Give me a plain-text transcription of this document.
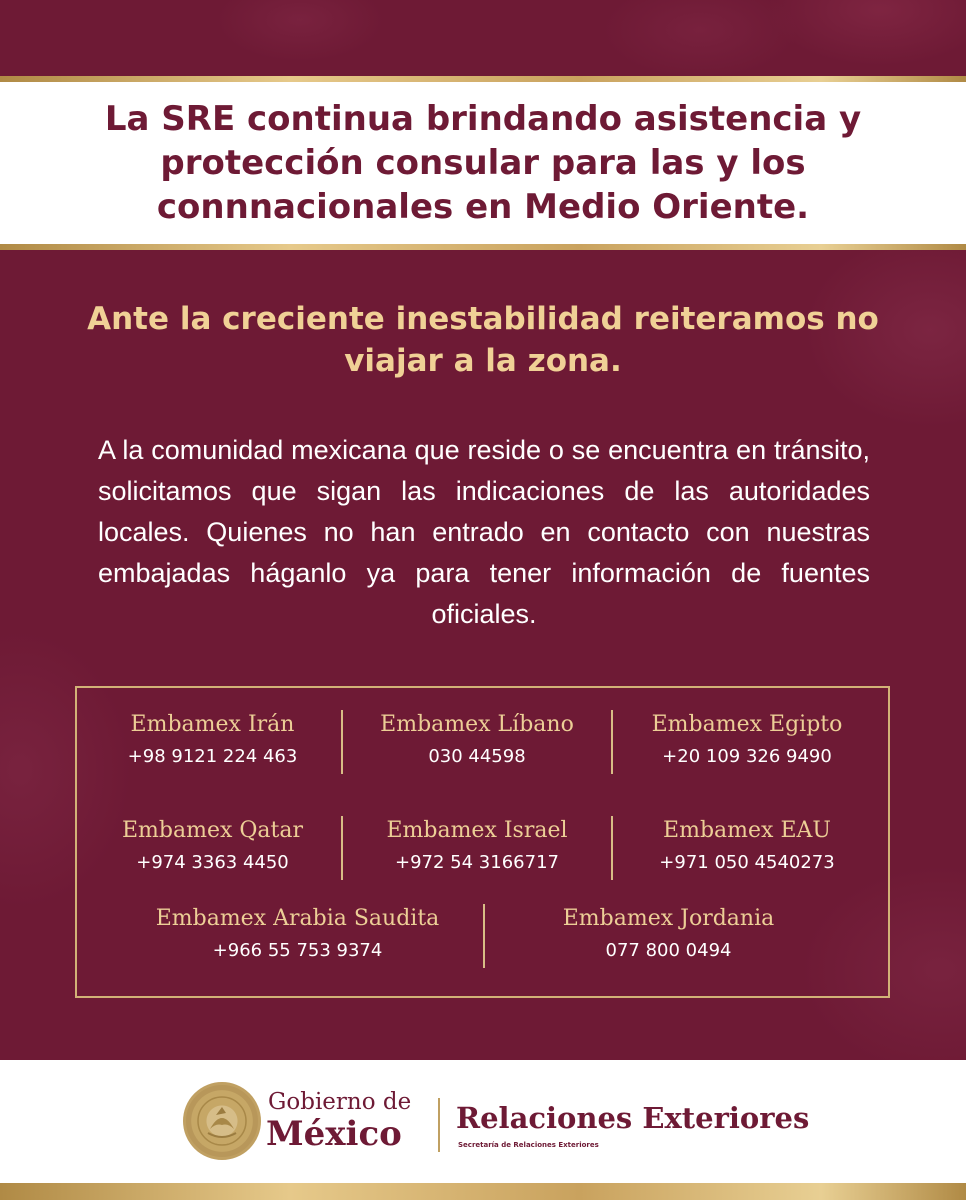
La SRE continua brindando asistencia y protección consular para las y los connnacionales en Medio Oriente.
Ante la creciente inestabilidad reiteramos no viajar a la zona.
A la comunidad mexicana que reside o se encuentra en tránsito, solicitamos que sigan las indicaciones de las autoridades locales. Quienes no han entrado en contacto con nuestras embajadas háganlo ya para tener información de fuentes oficiales.
Embamex Irán
+98 9121 224 463
Embamex Líbano
030 44598
Embamex Egipto
+20 109 326 9490
Embamex Qatar
+974 3363 4450
Embamex Israel
+972 54 3166717
Embamex EAU
+971 050 4540273
Embamex Arabia Saudita
+966 55 753 9374
Embamex Jordania
077 800 0494
Gobierno de
México Relaciones Exteriores
Secretaría de Relaciones Exteriores
